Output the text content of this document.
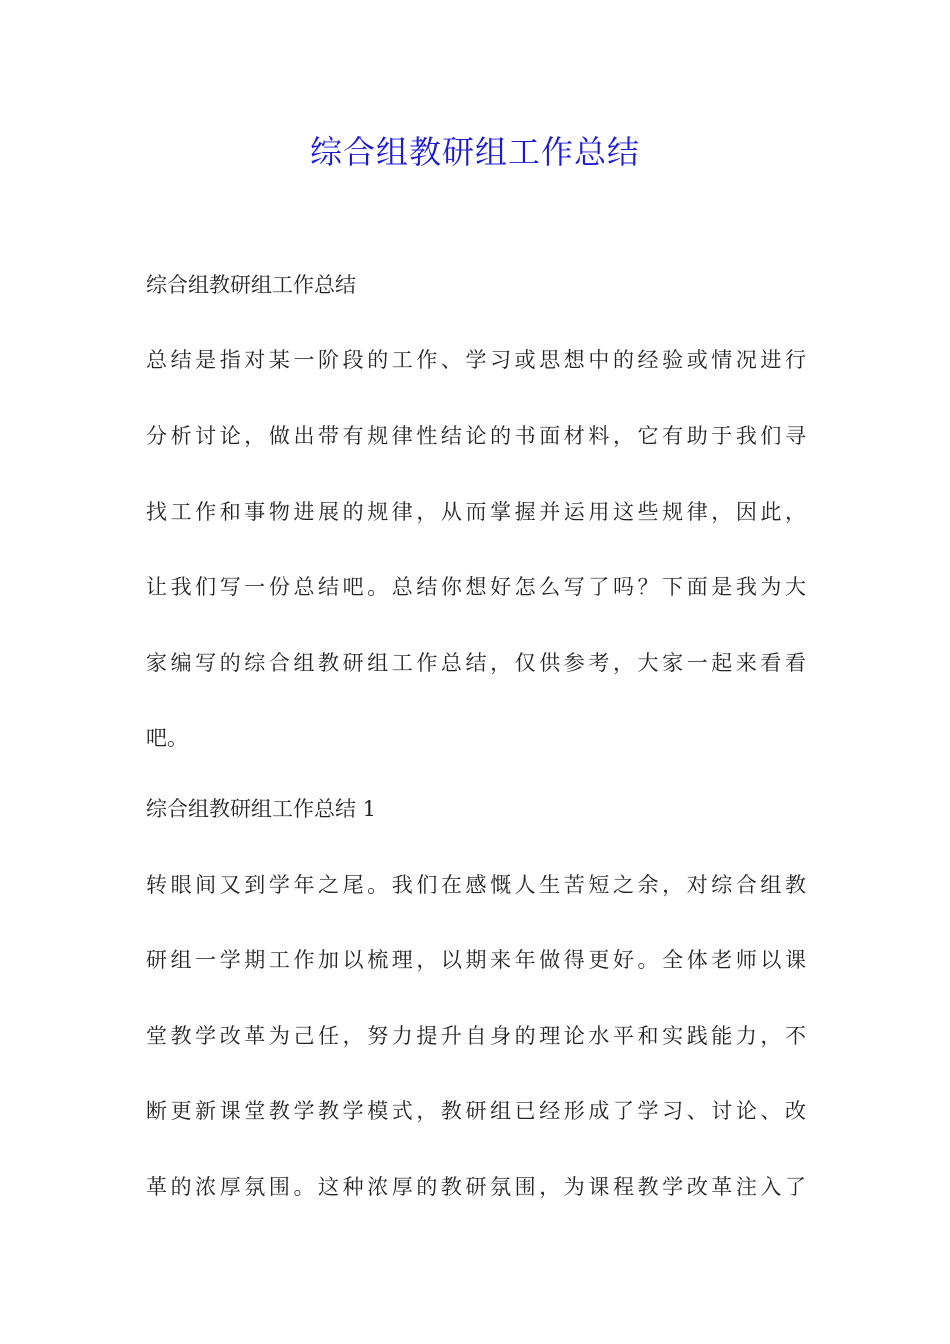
综合组教研组工作总结
综合组教研组工作总结
总结是指对某一阶段的工作、学习或思想中的经验或情况进行
分析讨论，做出带有规律性结论的书面材料，它有助于我们寻
找工作和事物进展的规律，从而掌握并运用这些规律，因此，
让我们写一份总结吧。总结你想好怎么写了吗？下面是我为大
家编写的综合组教研组工作总结，仅供参考，大家一起来看看
吧。
综合组教研组工作总结 1
转眼间又到学年之尾。我们在感慨人生苦短之余，对综合组教
研组一学期工作加以梳理，以期来年做得更好。全体老师以课
堂教学改革为己任，努力提升自身的理论水平和实践能力，不
断更新课堂教学教学模式，教研组已经形成了学习、讨论、改
革的浓厚氛围。这种浓厚的教研氛围，为课程教学改革注入了
